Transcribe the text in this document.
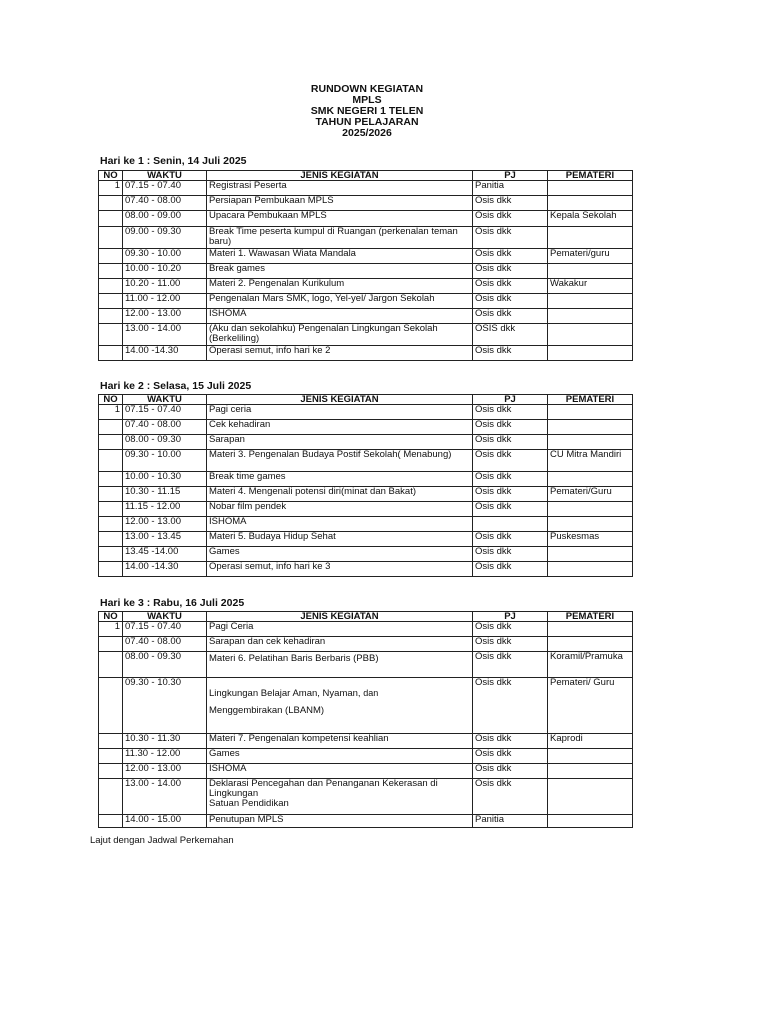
RUNDOWN KEGIATAN
MPLS
SMK NEGERI 1 TELEN
TAHUN PELAJARAN
2025/2026
Hari ke 1 : Senin, 14 Juli 2025
NO	WAKTU	JENIS KEGIATAN	PJ	PEMATERI
1	07.15 - 07.40	Registrasi Peserta	Panitia	
	07.40 - 08.00	Persiapan Pembukaan MPLS	Osis dkk	
	08.00 - 09.00	Upacara Pembukaan MPLS	Osis dkk	Kepala Sekolah
	09.00 - 09.30	Break Time peserta kumpul di Ruangan (perkenalan teman baru)	Osis dkk	
	09.30 - 10.00	Materi 1. Wawasan Wiata Mandala	Osis dkk	Pemateri/guru
	10.00 - 10.20	Break games	Osis dkk	
	10.20 - 11.00	Materi 2. Pengenalan Kurikulum	Osis dkk	Wakakur
	11.00 - 12.00	Pengenalan Mars SMK, logo, Yel-yel/ Jargon Sekolah	Osis dkk	
	12.00 - 13.00	ISHOMA	Osis dkk	
	13.00 - 14.00	(Aku dan sekolahku) Pengenalan Lingkungan Sekolah (Berkeliling)	OSIS dkk	
	14.00 -14.30	Operasi semut, info hari ke 2	Osis dkk	
Hari ke 2 : Selasa, 15 Juli 2025
NO	WAKTU	JENIS KEGIATAN	PJ	PEMATERI
1	07.15 - 07.40	Pagi ceria	Osis dkk	
	07.40 - 08.00	Cek kehadiran	Osis dkk	
	08.00 - 09.30	Sarapan	Osis dkk	
	09.30 - 10.00	Materi 3. Pengenalan Budaya Postif Sekolah( Menabung)	Osis dkk	CU Mitra Mandiri
	10.00 - 10.30	Break time games	Osis dkk	
	10.30 - 11.15	Materi 4. Mengenali potensi diri(minat dan Bakat)	Osis dkk	Pemateri/Guru
	11.15 - 12.00	Nobar film pendek	Osis dkk	
	12.00 - 13.00	ISHOMA		
	13.00 - 13.45	Materi 5. Budaya Hidup Sehat	Osis dkk	Puskesmas
	13.45 -14.00	Games	Osis dkk	
	14.00 -14.30	Operasi semut, info hari ke 3	Osis dkk	
Hari ke 3 : Rabu, 16 Juli 2025
NO	WAKTU	JENIS KEGIATAN	PJ	PEMATERI
1	07.15 - 07.40	Pagi Ceria	Osis dkk	
	07.40 - 08.00	Sarapan dan cek kehadiran	Osis dkk	
	08.00 - 09.30	Materi 6. Pelatihan Baris Berbaris (PBB)	Osis dkk	Koramil/Pramuka
	09.30 - 10.30	Lingkungan Belajar Aman, Nyaman, dan
Menggembirakan (LBANM)	Osis dkk	Pemateri/ Guru
	10.30 - 11.30	Materi 7. Pengenalan kompetensi keahlian	Osis dkk	Kaprodi
	11.30 - 12.00	Games	Osis dkk	
	12.00 - 13.00	ISHOMA	Osis dkk	
	13.00 - 14.00	Deklarasi Pencegahan dan Penanganan Kekerasan di
Lingkungan
Satuan Pendidikan	Osis dkk	
	14.00 - 15.00	Penutupan MPLS	Panitia	
Lajut dengan Jadwal Perkemahan
